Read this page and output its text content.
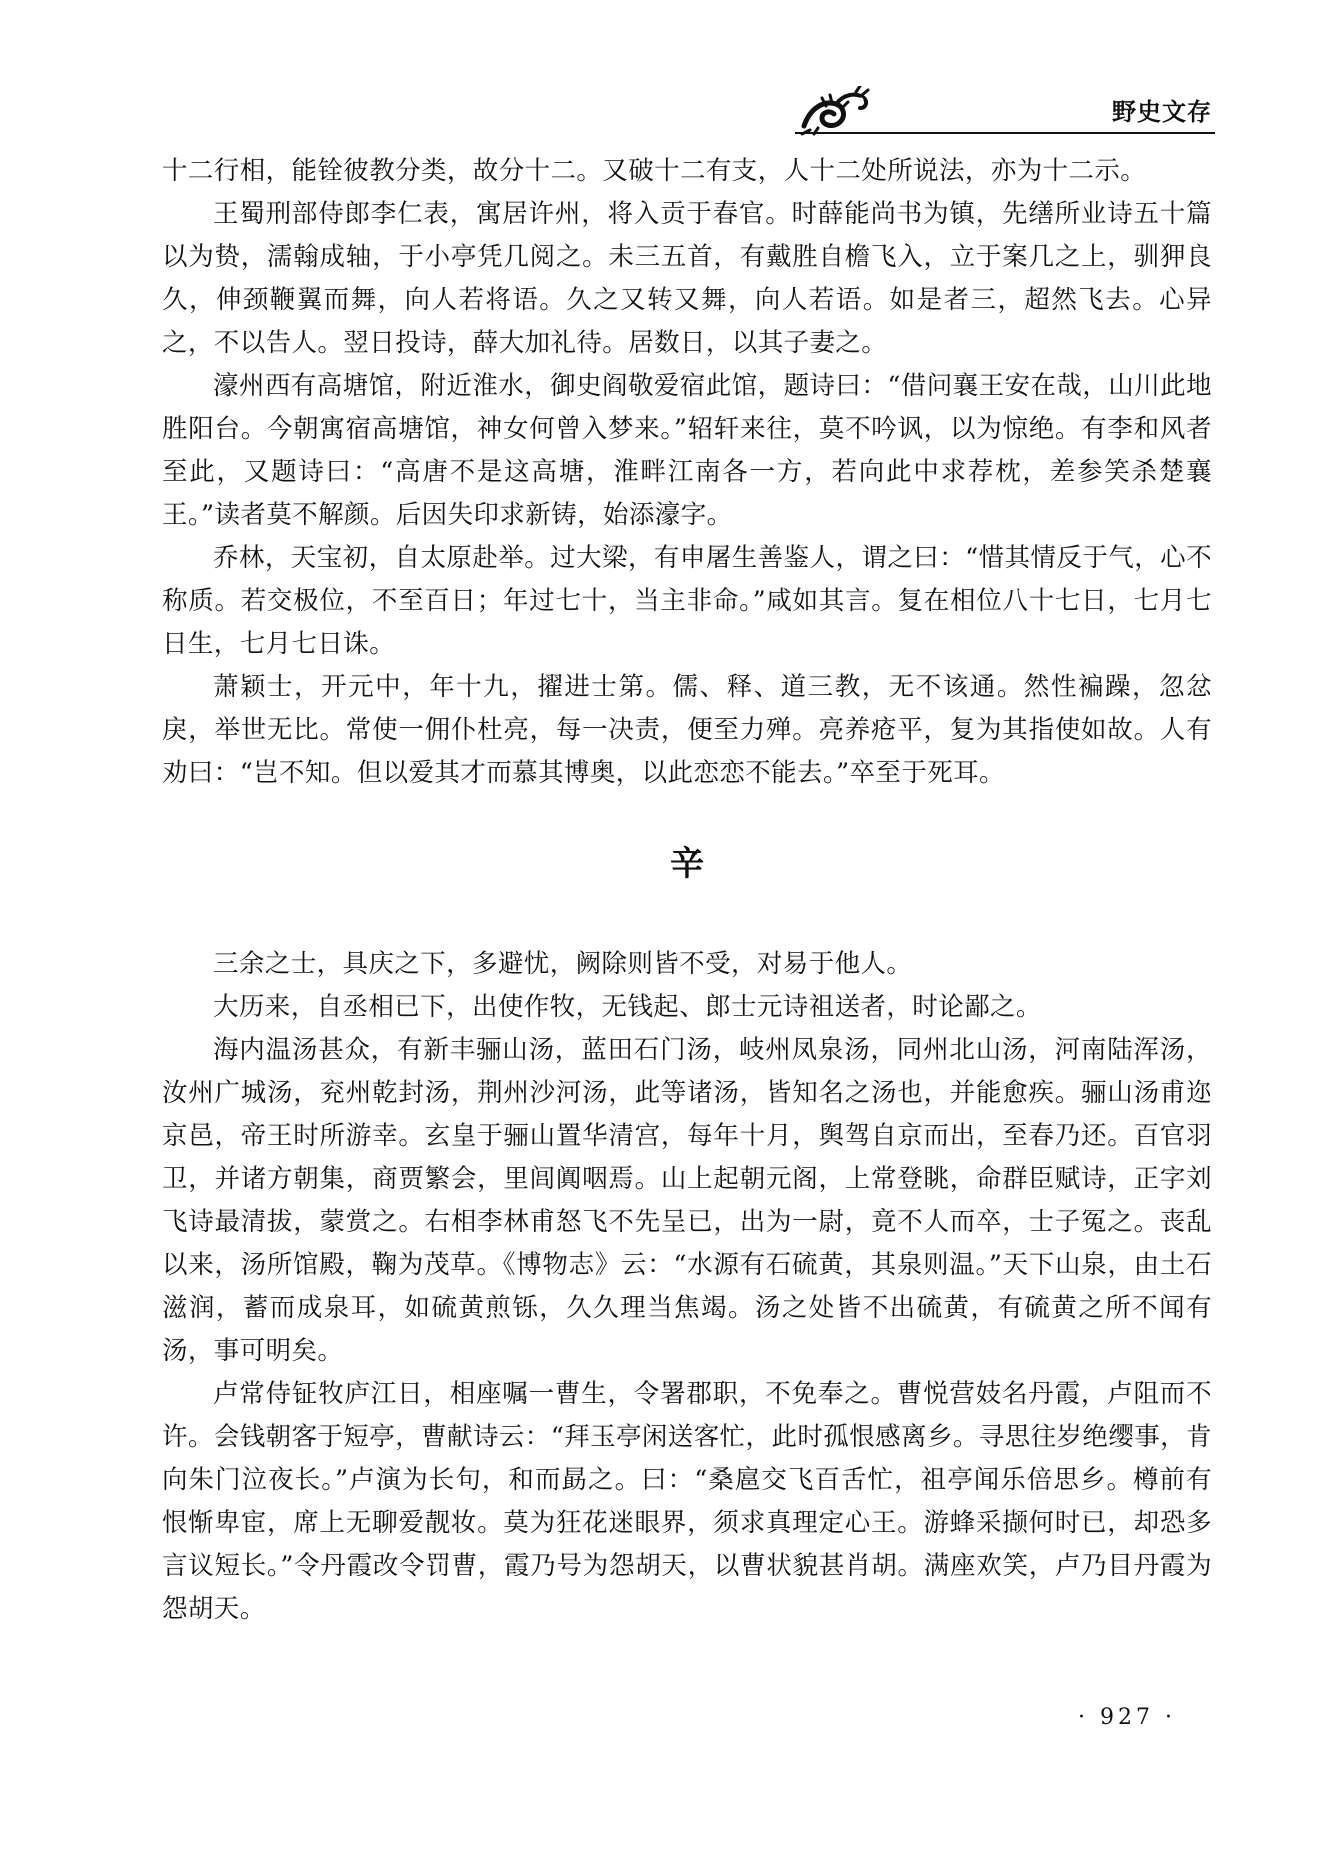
野史文存

十二行相，能铨彼教分类，故分十二。又破十二有支，人十二处所说法，亦为十二示。

王蜀刑部侍郎李仁表，寓居许州，将入贡于春官。时薛能尚书为镇，先缮所业诗五十篇以为贽，濡翰成轴，于小亭凭几阅之。未三五首，有戴胜自檐飞入，立于案几之上，驯狎良久，伸颈鞭翼而舞，向人若将语。久之又转又舞，向人若语。如是者三，超然飞去。心异之，不以告人。翌日投诗，薛大加礼待。居数日，以其子妻之。

濠州西有高塘馆，附近淮水，御史阎敬爱宿此馆，题诗曰：“借问襄王安在哉，山川此地胜阳台。今朝寓宿高塘馆，神女何曾入梦来。”轺轩来往，莫不吟讽，以为惊绝。有李和风者至此，又题诗曰：“高唐不是这高塘，淮畔江南各一方，若向此中求荐枕，差参笑杀楚襄王。”读者莫不解颜。后因失印求新铸，始添濠字。

乔林，天宝初，自太原赴举。过大梁，有申屠生善鉴人，谓之曰：“惜其情反于气，心不称质。若交极位，不至百日；年过七十，当主非命。”咸如其言。复在相位八十七日，七月七日生，七月七日诛。

萧颖士，开元中，年十九，擢进士第。儒、释、道三教，无不该通。然性褊躁，忽忿戾，举世无比。常使一佣仆杜亮，每一决责，便至力殚。亮养疮平，复为其指使如故。人有劝曰：“岂不知。但以爱其才而慕其博奥，以此恋恋不能去。”卒至于死耳。

辛

三余之士，具庆之下，多避忧，阙除则皆不受，对易于他人。

大历来，自丞相已下，出使作牧，无钱起、郎士元诗祖送者，时论鄙之。

海内温汤甚众，有新丰骊山汤，蓝田石门汤，岐州凤泉汤，同州北山汤，河南陆浑汤，汝州广城汤，兖州乾封汤，荆州沙河汤，此等诸汤，皆知名之汤也，并能愈疾。骊山汤甫迩京邑，帝王时所游幸。玄皇于骊山置华清宫，每年十月，舆驾自京而出，至春乃还。百官羽卫，并诸方朝集，商贾繁会，里闾阗咽焉。山上起朝元阁，上常登眺，命群臣赋诗，正字刘飞诗最清拔，蒙赏之。右相李林甫怒飞不先呈已，出为一尉，竟不人而卒，士子冤之。丧乱以来，汤所馆殿，鞠为茂草。《博物志》云：“水源有石硫黄，其泉则温。”天下山泉，由土石滋润，蓄而成泉耳，如硫黄煎铄，久久理当焦竭。汤之处皆不出硫黄，有硫黄之所不闻有汤，事可明矣。

卢常侍钲牧庐江日，相座嘱一曹生，令署郡职，不免奉之。曹悦营妓名丹霞，卢阻而不许。会钱朝客于短亭，曹献诗云：“拜玉亭闲送客忙，此时孤恨感离乡。寻思往岁绝缨事，肯向朱门泣夜长。”卢演为长句，和而勗之。曰：“桑扈交飞百舌忙，祖亭闻乐倍思乡。樽前有恨惭卑宦，席上无聊爱靓妆。莫为狂花迷眼界，须求真理定心王。游蜂采撷何时已，却恐多言议短长。”令丹霞改令罚曹，霞乃号为怨胡天，以曹状貌甚肖胡。满座欢笑，卢乃目丹霞为怨胡天。

· 927 ·
